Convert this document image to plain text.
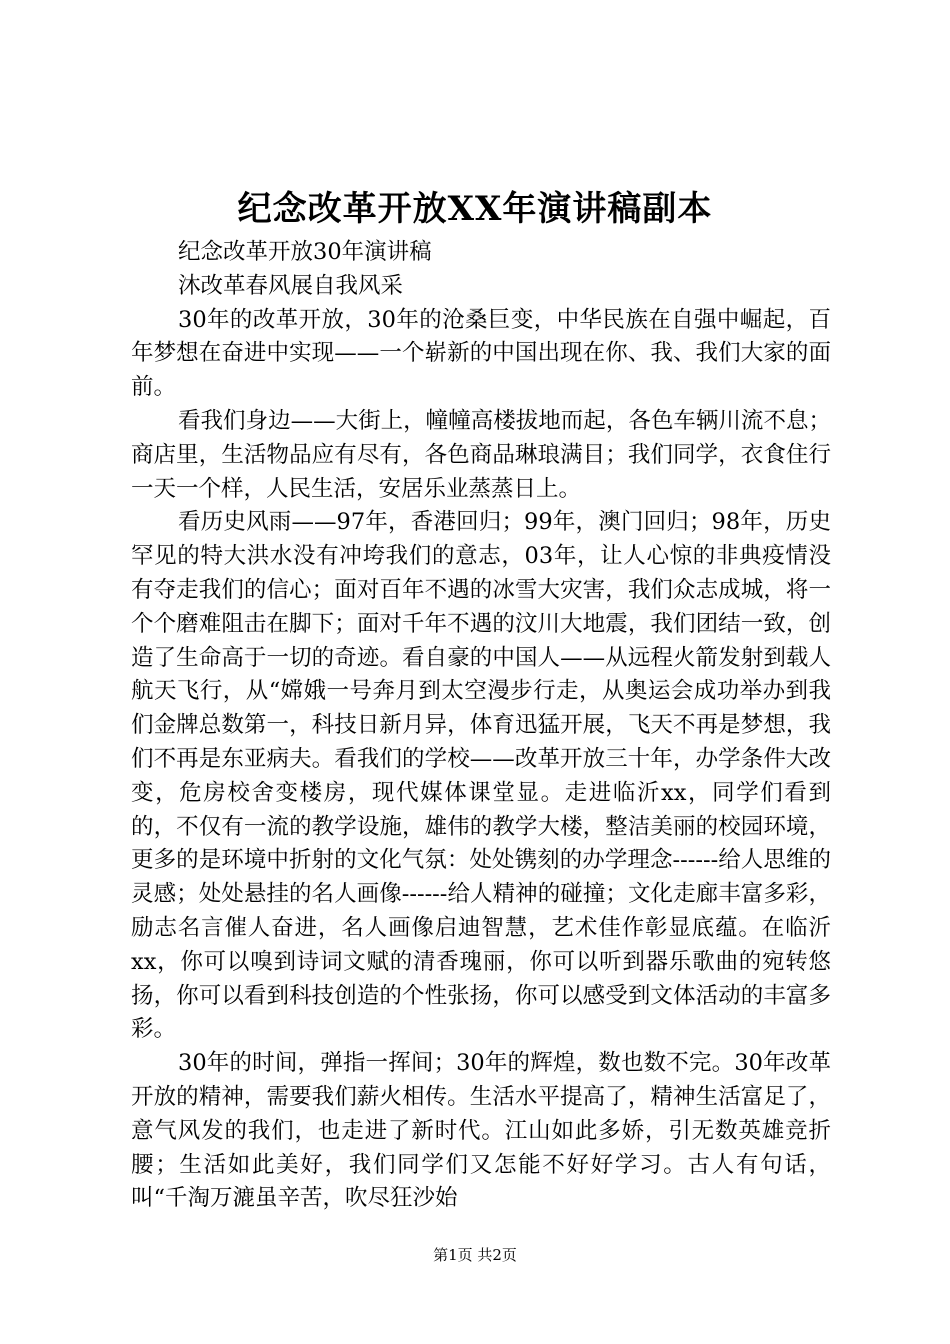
纪念改革开放XX年演讲稿副本

纪念改革开放30年演讲稿

沐改革春风展自我风采

30年的改革开放，30年的沧桑巨变，中华民族在自强中崛起，百年梦想在奋进中实现——一个崭新的中国出现在你、我、我们大家的面前。

看我们身边——大街上，幢幢高楼拔地而起，各色车辆川流不息；商店里，生活物品应有尽有，各色商品琳琅满目；我们同学，衣食住行一天一个样，人民生活，安居乐业蒸蒸日上。

看历史风雨——97年，香港回归；99年，澳门回归；98年，历史罕见的特大洪水没有冲垮我们的意志，03年，让人心惊的非典疫情没有夺走我们的信心；面对百年不遇的冰雪大灾害，我们众志成城，将一个个磨难阻击在脚下；面对千年不遇的汶川大地震，我们团结一致，创造了生命高于一切的奇迹。看自豪的中国人——从远程火箭发射到载人航天飞行，从“嫦娥一号奔月到太空漫步行走，从奥运会成功举办到我们金牌总数第一，科技日新月异，体育迅猛开展，飞天不再是梦想，我们不再是东亚病夫。看我们的学校——改革开放三十年，办学条件大改变，危房校舍变楼房，现代媒体课堂显。走进临沂xx，同学们看到的，不仅有一流的教学设施，雄伟的教学大楼，整洁美丽的校园环境，更多的是环境中折射的文化气氛：处处镌刻的办学理念------给人思维的灵感；处处悬挂的名人画像------给人精神的碰撞；文化走廊丰富多彩，励志名言催人奋进，名人画像启迪智慧，艺术佳作彰显底蕴。在临沂xx，你可以嗅到诗词文赋的清香瑰丽，你可以听到器乐歌曲的宛转悠扬，你可以看到科技创造的个性张扬，你可以感受到文体活动的丰富多彩。

30年的时间，弹指一挥间；30年的辉煌，数也数不完。30年改革开放的精神，需要我们薪火相传。生活水平提高了，精神生活富足了，意气风发的我们，也走进了新时代。江山如此多娇，引无数英雄竞折腰；生活如此美好，我们同学们又怎能不好好学习。古人有句话，叫“千淘万漉虽辛苦，吹尽狂沙始

第1页 共2页
